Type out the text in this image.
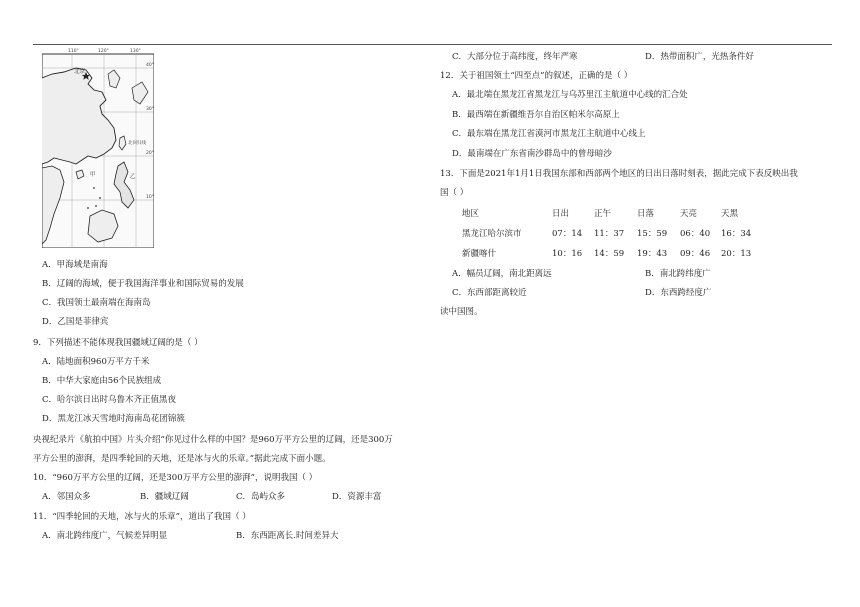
110°	120°	130°
40°
30°
20°
10°
北京
甲	乙
北回归线
A．甲海域是南海
B．辽阔的海域，便于我国海洋事业和国际贸易的发展
C．我国领土最南端在海南岛
D．乙国是菲律宾
9．下列描述不能体现我国疆域辽阔的是（ ）
A．陆地面积960万平方千米
B．中华大家庭由56个民族组成
C．哈尔滨日出时乌鲁木齐正值黑夜
D．黑龙江冰天雪地时海南岛花团锦簇
央视纪录片《航拍中国》片头介绍“你见过什么样的中国？是960万平方公里的辽阔，还是300万
平方公里的澎湃，是四季轮回的天地，还是冰与火的乐章。”据此完成下面小题。
10．“960万平方公里的辽阔，还是300万平方公里的澎湃”，说明我国（ ）
A．邻国众多	B．疆域辽阔	C．岛屿众多	D．资源丰富
11．“四季轮回的天地，冰与火的乐章”，道出了我国（ ）
A．南北跨纬度广，气候差异明显	B．东西距离长.时间差异大
C．大部分位于高纬度，终年严寒	D．热带面积广，光热条件好
12．关于祖国领土“四至点”的叙述，正确的是（ ）
A．最北端在黑龙江省黑龙江与乌苏里江主航道中心线的汇合处
B．最西端在新疆维吾尔自治区帕米尔高原上
C．最东端在黑龙江省漠河市黑龙江主航道中心线上
D．最南端在广东省南沙群岛中的曾母暗沙
13．下面是2021年1月1日我国东部和西部两个地区的日出日落时刻表，据此完成下表反映出我
国（ ）
地区	日出	正午	日落	天亮	天黑
黑龙江哈尔滨市	07：14 11：37 15：59 06：40 16：34
新疆喀什	10：16 14：59 19：43 09：46 20：13
A．幅员辽阔，南北距离远	B．南北跨纬度广
C．东西部距离较近	D．东西跨经度广
读中国图。
